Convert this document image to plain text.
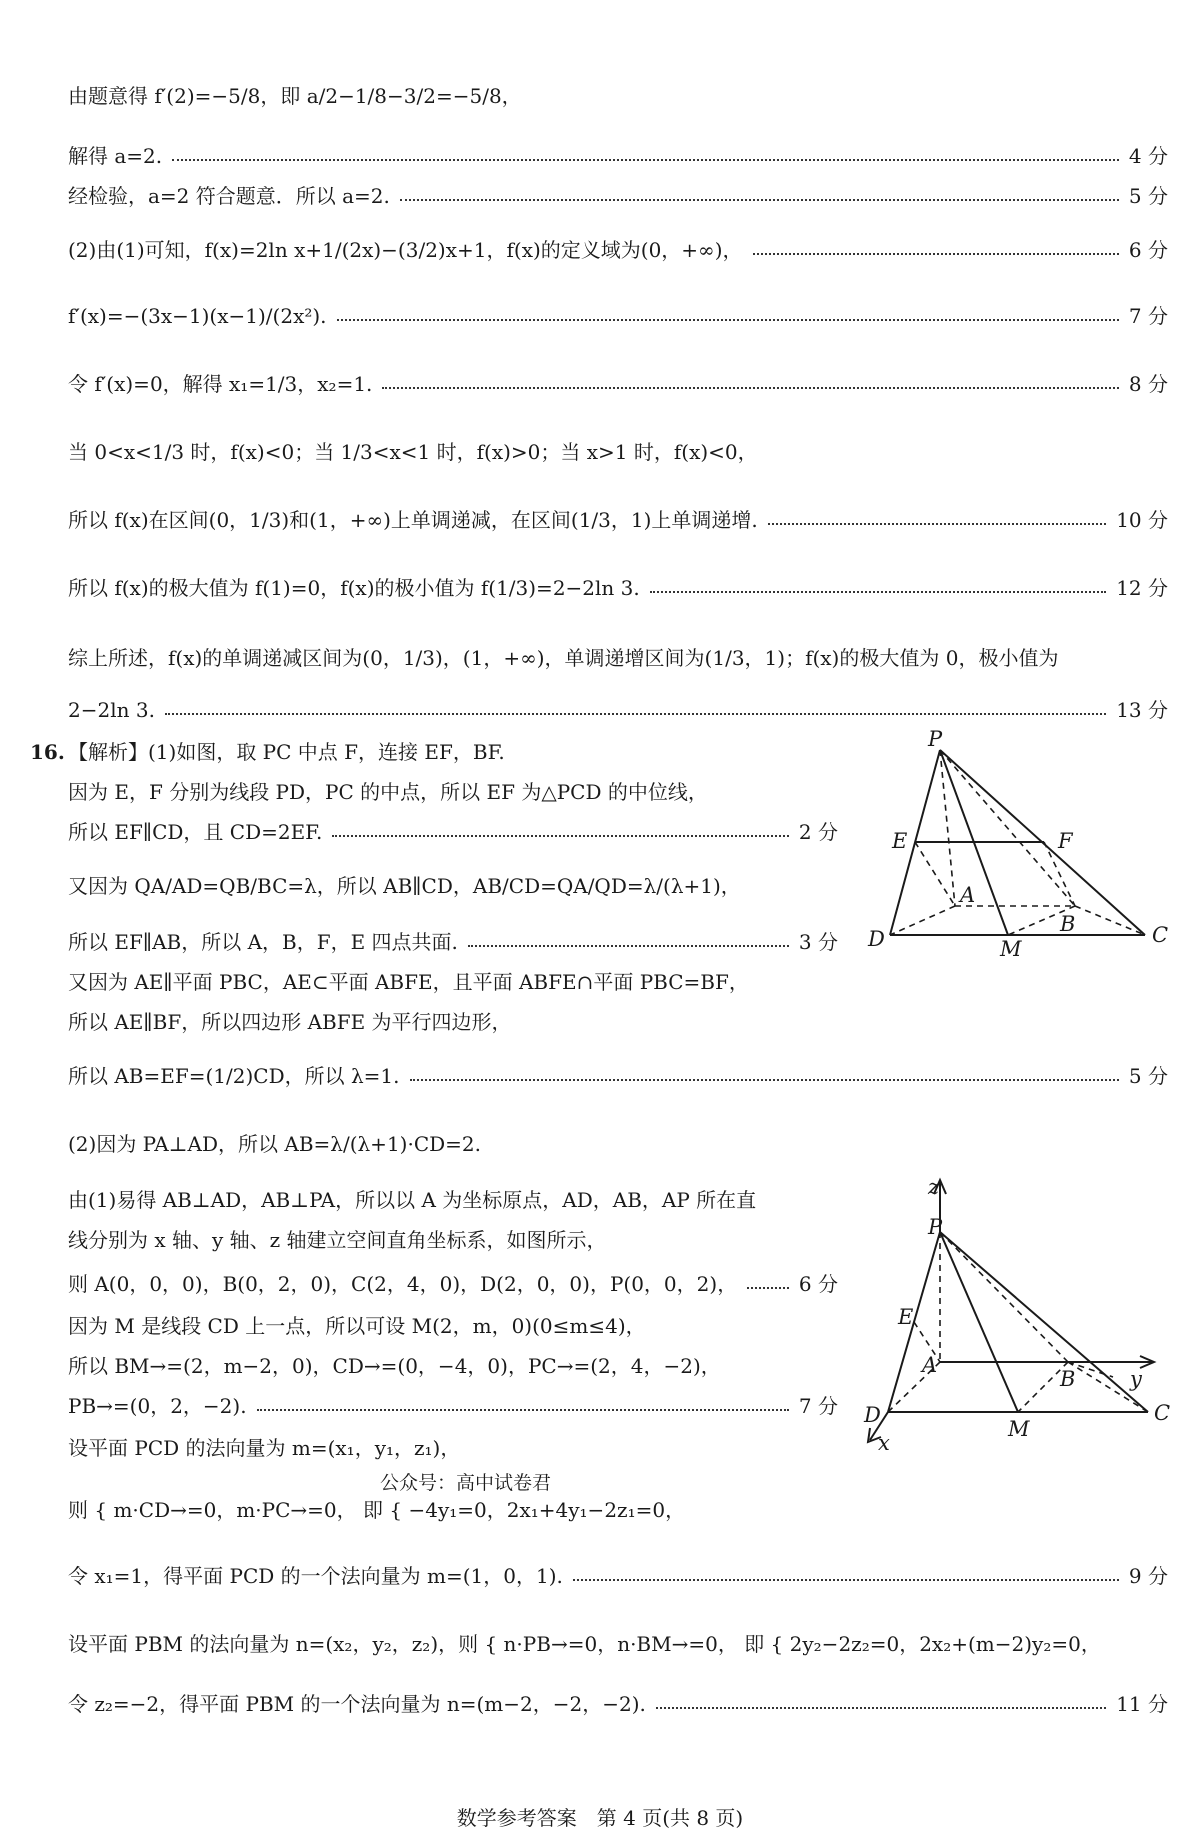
由题意得 f′(2)=−5/8，即 a/2−1/8−3/2=−5/8，
解得 a=2.	4 分
经检验，a=2 符合题意．所以 a=2.	5 分
(2)由(1)可知，f(x)=2ln x+1/(2x)−(3/2)x+1，f(x)的定义域为(0，+∞)，	6 分
f′(x)=−(3x−1)(x−1)/(2x²).	7 分
令 f′(x)=0，解得 x₁=1/3，x₂=1.	8 分
当 0<x<1/3 时，f(x)<0；当 1/3<x<1 时，f(x)>0；当 x>1 时，f(x)<0，
所以 f(x)在区间(0，1/3)和(1，+∞)上单调递减，在区间(1/3，1)上单调递增.	10 分
所以 f(x)的极大值为 f(1)=0，f(x)的极小值为 f(1/3)=2−2ln 3.	12 分
综上所述，f(x)的单调递减区间为(0，1/3)，(1，+∞)，单调递增区间为(1/3，1)；f(x)的极大值为 0，极小值为
2−2ln 3.	13 分
16. 【解析】(1)如图，取 PC 中点 F，连接 EF，BF.
因为 E，F 分别为线段 PD，PC 的中点，所以 EF 为△PCD 的中位线，
所以 EF∥CD，且 CD=2EF.	2 分
又因为 QA/AD=QB/BC=λ，所以 AB∥CD，AB/CD=QA/QD=λ/(λ+1)，
所以 EF∥AB，所以 A，B，F，E 四点共面.	3 分
又因为 AE∥平面 PBC，AE⊂平面 ABFE，且平面 ABFE∩平面 PBC=BF，
所以 AE∥BF，所以四边形 ABFE 为平行四边形，
所以 AB=EF=(1/2)CD，所以 λ=1.	5 分
(2)因为 PA⊥AD，所以 AB=λ/(λ+1)·CD=2.
由(1)易得 AB⊥AD，AB⊥PA，所以以 A 为坐标原点，AD，AB，AP 所在直
线分别为 x 轴、y 轴、z 轴建立空间直角坐标系，如图所示，
则 A(0，0，0)，B(0，2，0)，C(2，4，0)，D(2，0，0)，P(0，0，2)，	6 分
因为 M 是线段 CD 上一点，所以可设 M(2，m，0)(0≤m≤4)，
所以 BM→=(2，m−2，0)，CD→=(0，−4，0)，PC→=(2，4，−2)，
PB→=(0，2，−2).	7 分
设平面 PCD 的法向量为 m=(x₁，y₁，z₁)，
则 { m·CD→=0，m·PC→=0， 即 { −4y₁=0，2x₁+4y₁−2z₁=0，
令 x₁=1，得平面 PCD 的一个法向量为 m=(1，0，1).	9 分
设平面 PBM 的法向量为 n=(x₂，y₂，z₂)，则 { n·PB→=0，n·BM→=0， 即 { 2y₂−2z₂=0，2x₂+(m−2)y₂=0，
令 z₂=−2，得平面 PBM 的一个法向量为 n=(m−2，−2，−2).	11 分
公众号：高中试卷君
P
E	F
A
B
D	M
C
z
P
E
A
B	y
D
M
C
x
数学参考答案　第 4 页(共 8 页)
